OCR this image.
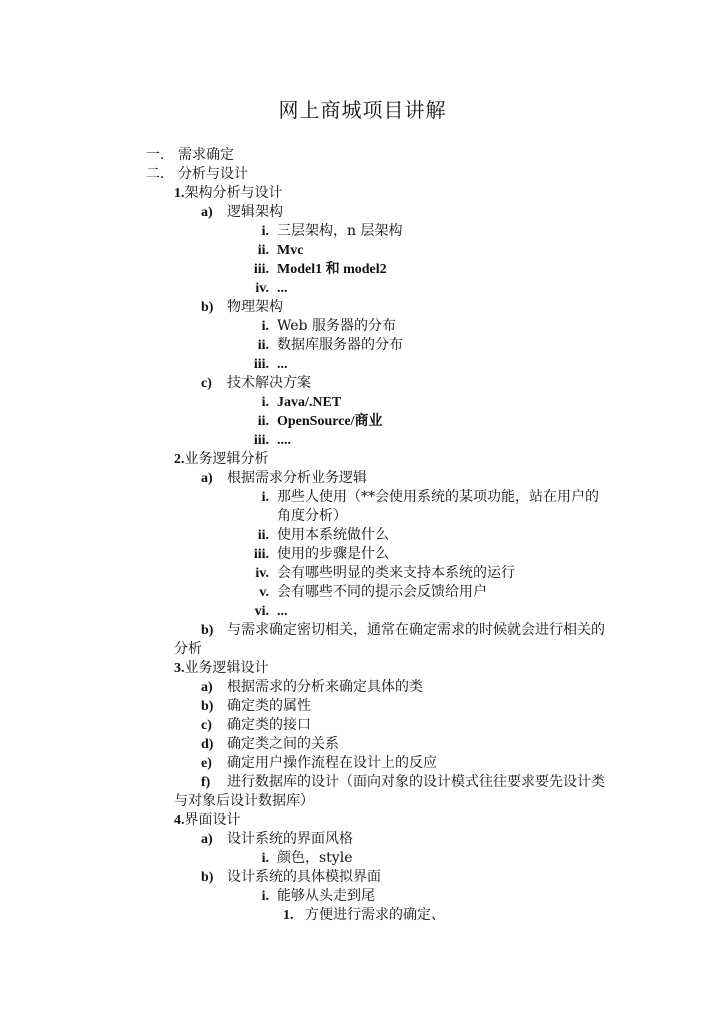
网上商城项目讲解
一． 需求确定
二． 分析与设计
1.架构分析与设计
a) 逻辑架构
i. 三层架构，n 层架构
ii. Mvc
iii. Model1 和 model2
iv. ...
b) 物理架构
i. Web 服务器的分布
ii. 数据库服务器的分布
iii. ...
c) 技术解决方案
i. Java/.NET
ii. OpenSource/商业
iii. ....
2.业务逻辑分析
a) 根据需求分析业务逻辑
i. 那些人使用（**会使用系统的某项功能，站在用户的
角度分析）
ii. 使用本系统做什么
iii. 使用的步骤是什么
iv. 会有哪些明显的类来支持本系统的运行
v. 会有哪些不同的提示会反馈给用户
vi. ...
b) 与需求确定密切相关，通常在确定需求的时候就会进行相关的
分析
3.业务逻辑设计
a) 根据需求的分析来确定具体的类
b) 确定类的属性
c) 确定类的接口
d) 确定类之间的关系
e) 确定用户操作流程在设计上的反应
f) 进行数据库的设计（面向对象的设计模式往往要求要先设计类
与对象后设计数据库）
4.界面设计
a) 设计系统的界面风格
i. 颜色，style
b) 设计系统的具体模拟界面
i. 能够从头走到尾
1. 方便进行需求的确定、
